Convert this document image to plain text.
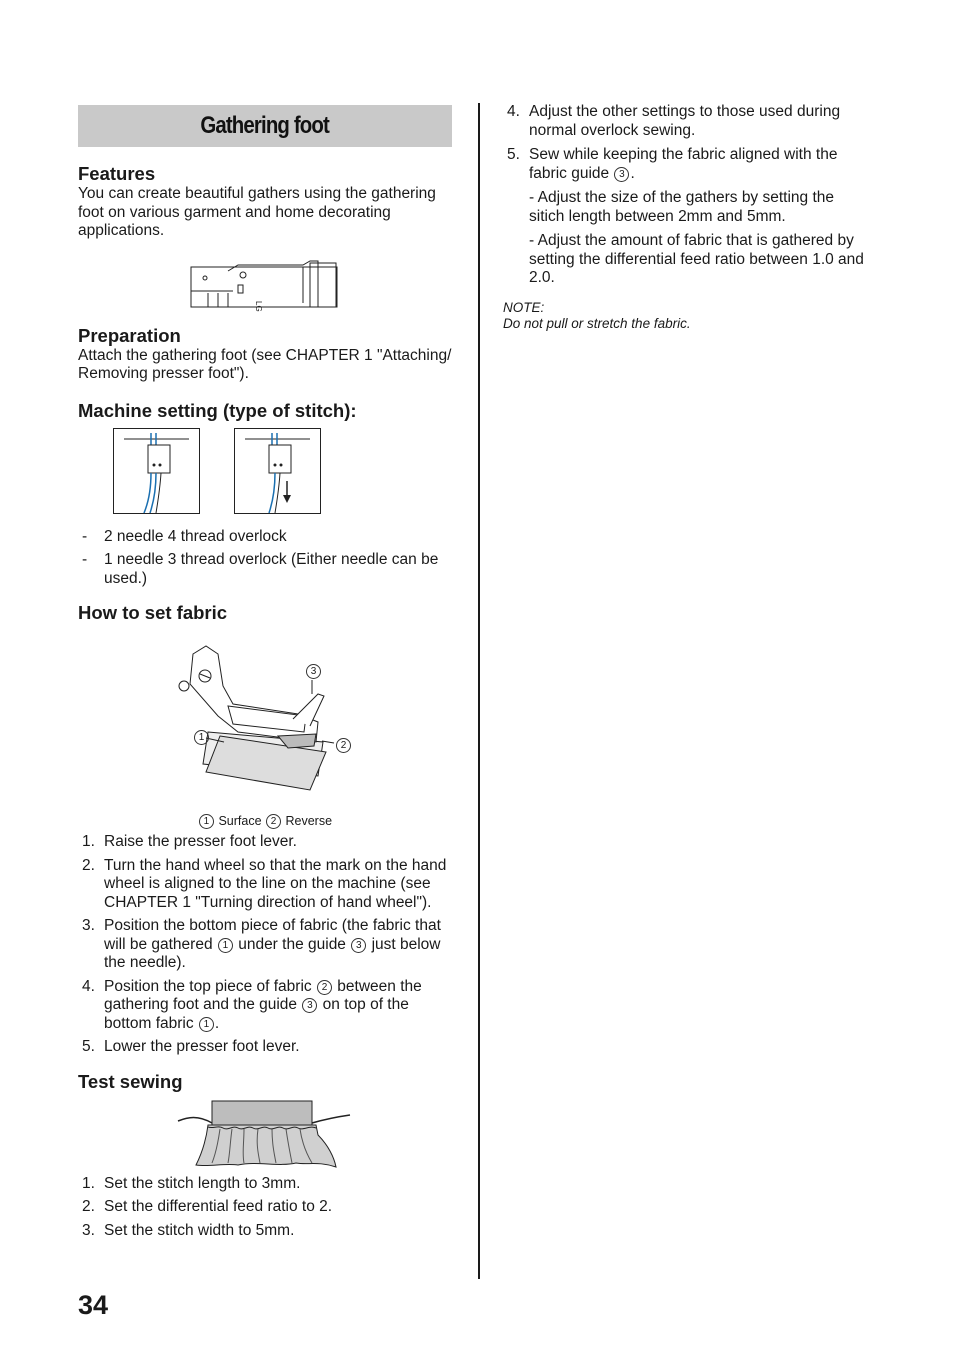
Gathering foot
Features

You can create beautiful gathers using the gathering foot on various garment and home decorating applications.

LG
Preparation

Attach the gathering foot (see CHAPTER 1 "Attaching/ Removing presser foot").

Machine setting (type of stitch):
- 2 needle 4 thread overlock
- 1 needle 3 thread overlock (Either needle can be used.)
How to set fabric
3
1
2
1 Surface 2 Reverse
1. Raise the presser foot lever.
2. Turn the hand wheel so that the mark on the hand wheel is aligned to the line on the machine (see CHAPTER 1 "Turning direction of hand wheel").
3. Position the bottom piece of fabric (the fabric that will be gathered 1 under the guide 3 just below the needle).
4. Position the top piece of fabric 2 between the gathering foot and the guide 3 on top of the bottom fabric 1 .
5. Lower the presser foot lever.
Test sewing
1. Set the stitch length to 3mm.
2. Set the differential feed ratio to 2.
3. Set the stitch width to 5mm.
4. Adjust the other settings to those used during normal overlock sewing.
5. Sew while keeping the fabric aligned with the fabric guide 3 .

- Adjust the size of the gathers by setting the sitich length between 2mm and 5mm.

- Adjust the amount of fabric that is gathered by setting the differential feed ratio between 1.0 and 2.0.

NOTE:

Do not pull or stretch the fabric.

34
